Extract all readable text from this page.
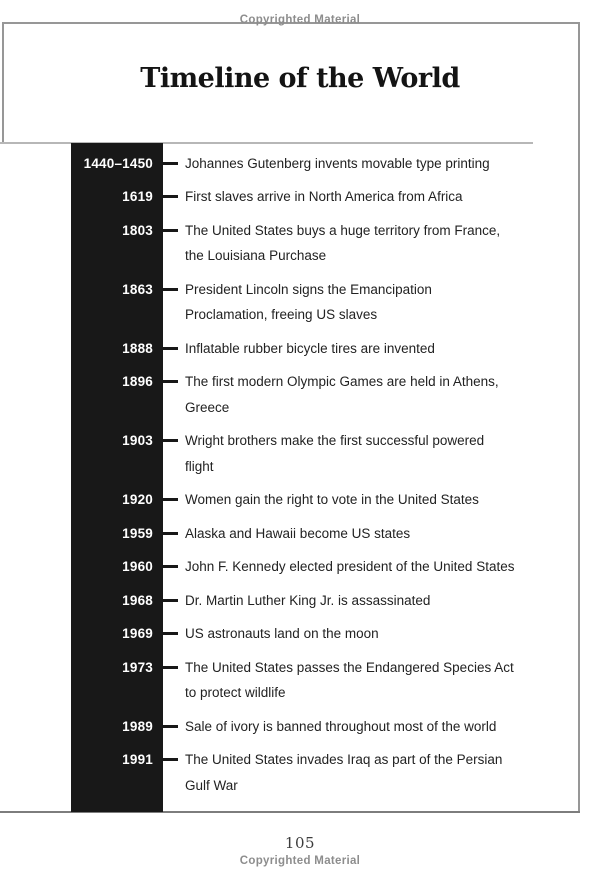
Copyrighted Material
Timeline of the World
1440–1450	Johannes Gutenberg invents movable type printing
1619	First slaves arrive in North America from Africa
1803	The United States buys a huge territory from France,
the Louisiana Purchase
1863	President Lincoln signs the Emancipation
Proclamation, freeing US slaves
1888	Inflatable rubber bicycle tires are invented
1896	The first modern Olympic Games are held in Athens,
Greece
1903	Wright brothers make the first successful powered
flight
1920	Women gain the right to vote in the United States
1959	Alaska and Hawaii become US states
1960	John F. Kennedy elected president of the United States
1968	Dr. Martin Luther King Jr. is assassinated
1969	US astronauts land on the moon
1973	The United States passes the Endangered Species Act
to protect wildlife
1989	Sale of ivory is banned throughout most of the world
1991	The United States invades Iraq as part of the Persian
Gulf War
105
Copyrighted Material
